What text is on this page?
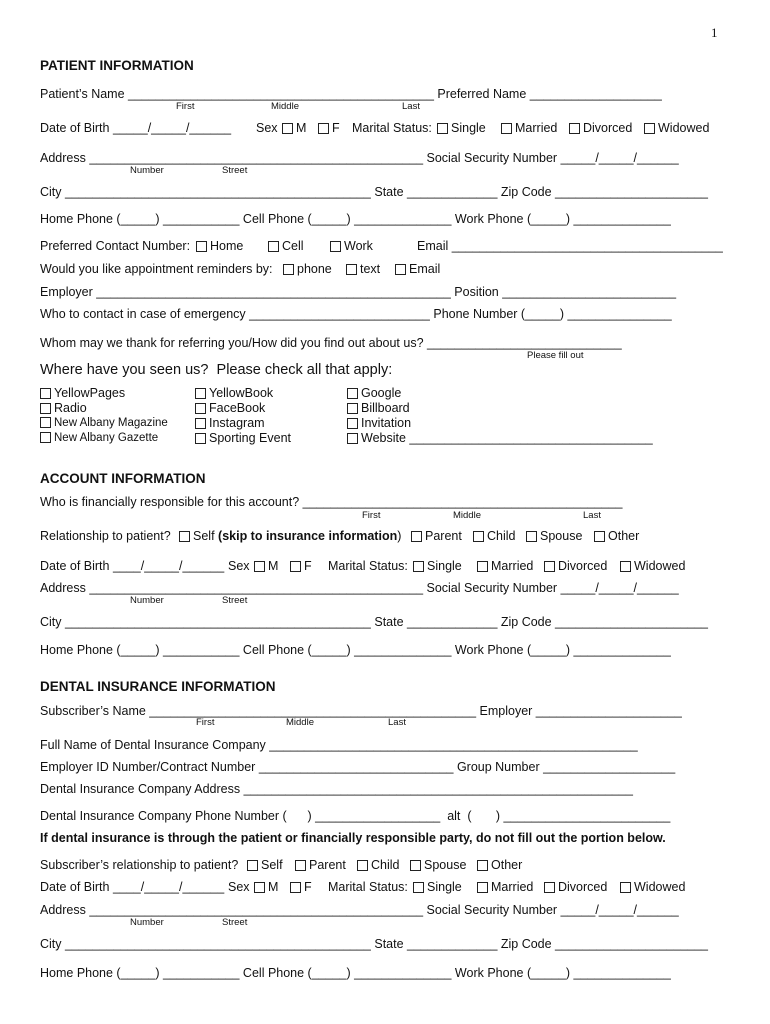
1
PATIENT INFORMATION
Patient’s Name ____________________________________________ Preferred Name ___________________
First	Middle	Last
Date of Birth _____/_____/______ Sex	M	F Marital Status:	Single	Married	Divorced	Widowed
Address ________________________________________________ Social Security Number _____/_____/______
Number	Street
City ____________________________________________ State _____________ Zip Code ______________________
Home Phone (_____) ___________ Cell Phone (_____) ______________ Work Phone (_____) ______________
Preferred Contact Number:	Home	Cell	Work	Email _______________________________________
Would you like appointment reminders by:	phone	text	Email
Employer ___________________________________________________ Position _________________________
Who to contact in case of emergency __________________________ Phone Number (_____) _______________
Whom may we thank for referring you/How did you find out about us? ____________________________
Please fill out
Where have you seen us?  Please check all that apply:
YellowPages
Radio
New Albany Magazine
New Albany Gazette
YellowBook
FaceBook
Instagram
Sporting Event
Google
Billboard
Invitation
Website ___________________________________
ACCOUNT INFORMATION
Who is financially responsible for this account? ______________________________________________
First	Middle	Last
Relationship to patient?	Self (skip to insurance information)	Parent	Child	Spouse	Other
Date of Birth ____/_____/______ Sex	M	F Marital Status:	Single	Married	Divorced	Widowed
Address ________________________________________________ Social Security Number _____/_____/______
Number	Street
City ____________________________________________ State _____________ Zip Code ______________________
Home Phone (_____) ___________ Cell Phone (_____) ______________ Work Phone (_____) ______________
DENTAL INSURANCE INFORMATION
Subscriber’s Name _______________________________________________ Employer _____________________
First	Middle	Last
Full Name of Dental Insurance Company _____________________________________________________
Employer ID Number/Contract Number ____________________________ Group Number ___________________
Dental Insurance Company Address ________________________________________________________
Dental Insurance Company Phone Number (      ) __________________  alt  (       ) ________________________
If dental insurance is through the patient or financially responsible party, do not fill out the portion below.
Subscriber’s relationship to patient?	Self	Parent	Child	Spouse	Other
Date of Birth ____/_____/______ Sex	M	F Marital Status:	Single	Married	Divorced	Widowed
Address ________________________________________________ Social Security Number _____/_____/______
Number	Street
City ____________________________________________ State _____________ Zip Code ______________________
Home Phone (_____) ___________ Cell Phone (_____) ______________ Work Phone (_____) ______________
